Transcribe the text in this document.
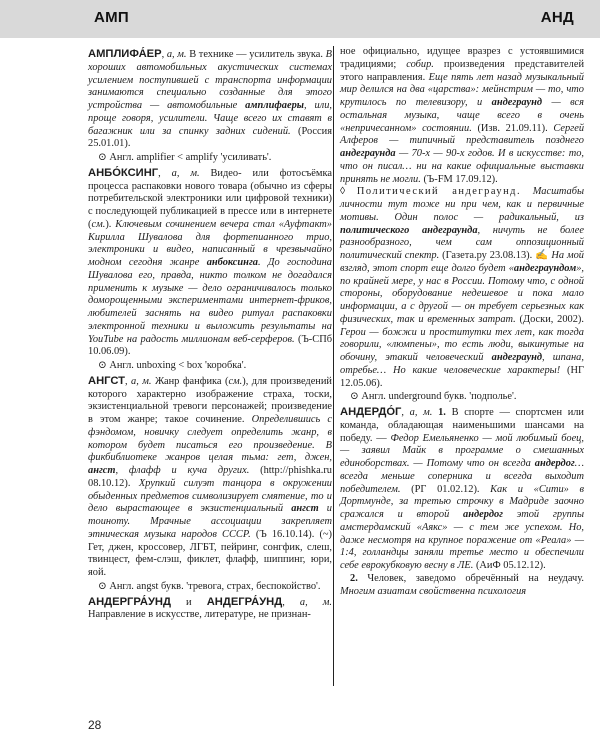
АМП	АНД

АМПЛИФА́ЕР, а, м. В технике — усилитель звука. В хороших автомобильных акустических системах усилением поступившей с транспорта информации занимаются специально созданные для этого устройства — автомобильные амплифаеры, или, проще говоря, усилители. Чаще всего их ставят в багажник или за спинку задних сидений. (Россия 25.01.01).

⊙ Англ. amplifier < amplify 'усиливать'.

АНБО́КСИНГ, а, м. Видео- или фотосъёмка процесса распаковки нового товара (обычно из сферы потребительской электроники или цифровой техники) с последующей публикацией в прессе или в интернете (см.). Ключевым сочинением вечера стал «Ауфтакт» Кирилла Шувалова для фортепианного трио, электроники и видео, написанный в чрезвычайно модном сегодня жанре анбоксинга. До господина Шувалова его, правда, никто толком не догадался применить к музыке — дело ограничивалось только доморощенными экспериментами интернет-фриков, любителей заснять на видео ритуал распаковки электронной техники и выложить результаты на YouTube на радость миллионам веб-серферов. (Ъ-СПб 10.06.09).

⊙ Англ. unboxing < box 'коробка'.

АНГСТ, а, м. Жанр фанфика (см.), для произведений которого характерно изображение страха, тоски, экзистенциальной тревоги персонажей; произведение в этом жанре; такое сочинение. Определившись с фэндомом, новичку следует определить жанр, в котором будет писаться его произведение. В фикбиблиотеке жанров целая тьма: гет, джен, ангст, флафф и куча других. (http://phishka.ru 08.10.12). Хрупкий силуэт танцора в окружении обыденных предметов символизирует смятение, то и дело вырастающее в экзистенциальный ангст и тоиноту. Мрачные ассоциации закрепляет этническая музыка народов СССР. (Ъ 16.10.14). (~) Гет, джен, кроссовер, ЛГБТ, пейринг, сонгфик, слеш, твинцест, фем-слэш, фиклет, флафф, шиппинг, юри, яой.

⊙ Англ. angst букв. 'тревога, страх, беспокойство'.

АНДЕРГРА́УНД и АНДЕГРА́УНД, а, м. Направление в искусстве, литературе, не признан-

ное официально, идущее вразрез с устоявшимися традициями; собир. произведения представителей этого направления. Еще пять лет назад музыкальный мир делился на два «царства»: мейнстрим — то, что крутилось по телевизору, и андеграунд — вся остальная музыка, чаще всего в очень «непричесанном» состоянии. (Изв. 21.09.11). Сергей Алферов — типичный представитель позднего андеграунда — 70-х — 90-х годов. И в искусстве: то, что он писал… ни на какие официальные выставки принять не могли. (Ъ-FM 17.09.12).

◊ Политический андеграунд. Масштабы личности тут тоже ни при чем, как и первичные мотивы. Один полос — радикальный, из политического андеграунда, ничуть не более разнообразного, чем сам оппозиционный политический спектр. (Газета.ру 23.08.13). ✍ На мой взгляд, этот спорт еще долго будет «андеграундом», по крайней мере, у нас в России. Потому что, с одной стороны, оборудование недешевое и пока мало информации, а с другой — он требует серьезных как физических, так и временных затрат. (Доски, 2002). Герои — божжи и проститутки тех лет, как тогда говорили, «люмпены», то есть люди, выкинутые на обочину, этакий человеческий андеграунд, шпана, отребье… Но какие человеческие характеры! (НГ 12.05.06).

⊙ Англ. underground букв. 'подполье'.

АНДЕРДО́Г, а, м. 1. В спорте — спортсмен или команда, обладающая наименьшими шансами на победу. — Федор Емельяненко — мой любимый боец, — заявил Майк в программе о смешанных единоборствах. — Потому что он всегда андердог… всегда меньше соперника и всегда выходит победителем. (РГ 01.02.12). Как и «Сити» в Дортмунде, за третью строчку в Мадриде заочно сражался и второй андердог этой группы амстердамский «Аякс» — с тем же успехом. Но, даже несмотря на крупное поражение от «Реала» — 1:4, голландцы заняли третье место и обеспечили себе еврокубковую весну в ЛЕ. (АиФ 05.12.12).

2. Человек, заведомо обречённый на неудачу. Многим азиатам свойственна психология

28
